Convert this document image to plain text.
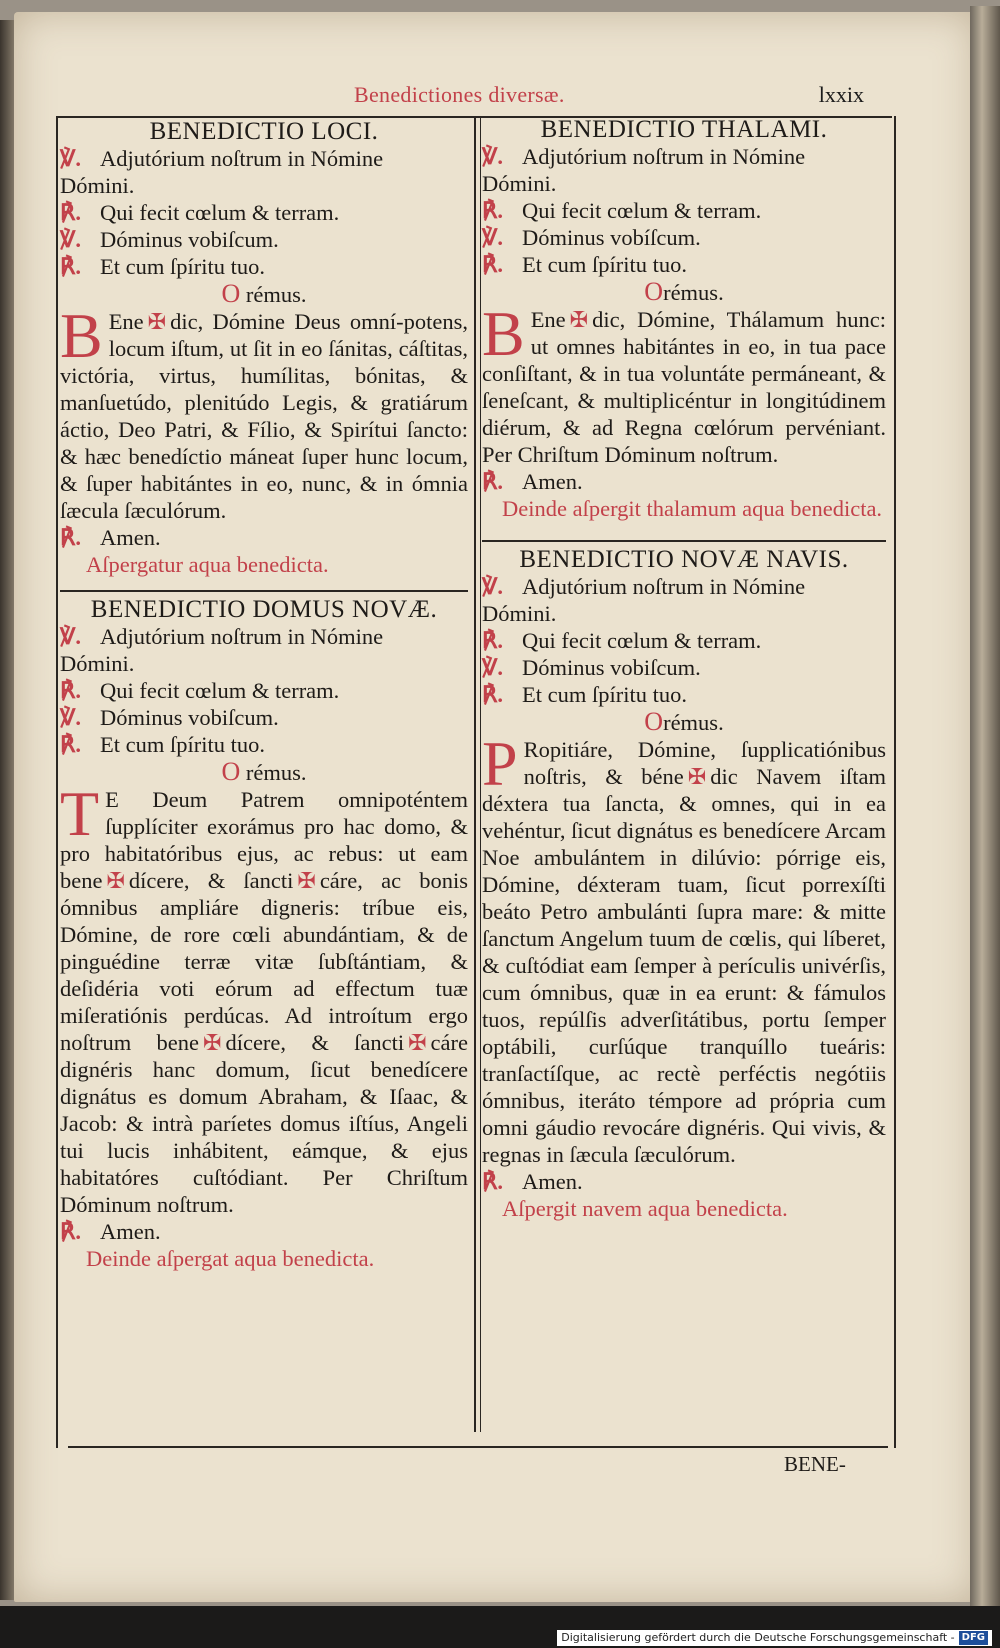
Benedictiones diversæ.	lxxix
BENEDICTIO LOCI.
℣. Adjutórium noſtrum in Nómine
Dómini.
℟. Qui fecit cœlum & terram.
℣. Dóminus vobiſcum.
℟. Et cum ſpíritu tuo.
O rémus.
B Ene ✠ dic, Dómine Deus omní-potens, locum iſtum, ut ſit in eo ſánitas, cáſtitas, victória, virtus, humílitas, bónitas, & manſuetúdo, plenitúdo Legis, & gratiárum áctio, Deo Patri, & Fílio, & Spirítui ſancto: & hæc benedíctio máneat ſuper hunc locum, & ſuper habitántes in eo, nunc, & in ómnia ſæcula ſæculórum.
℟. Amen.
Aſpergatur aqua benedicta.
BENEDICTIO DOMUS NOVÆ.
℣. Adjutórium noſtrum in Nómine
Dómini.
℟. Qui fecit cœlum & terram.
℣. Dóminus vobiſcum.
℟. Et cum ſpíritu tuo.
O rémus.
T E Deum Patrem omnipoténtem ſupplíciter exorámus pro hac domo, & pro habitatóribus ejus, ac rebus: ut eam bene ✠ dícere, & ſancti ✠ cáre, ac bonis ómnibus ampliáre digneris: tríbue eis, Dómine, de rore cœli abundántiam, & de pinguédine terræ vitæ ſubſtántiam, & deſidéria voti eórum ad effectum tuæ miſeratiónis perdúcas. Ad introítum ergo noſtrum bene ✠ dícere, & ſancti ✠ cáre dignéris hanc domum, ſicut benedícere dignátus es domum Abraham, & Iſaac, & Jacob: & intrà paríetes domus iſtíus, Angeli tui lucis inhábitent, eámque, & ejus habitatóres cuſtódiant. Per Chriſtum Dóminum noſtrum.
℟. Amen.
Deinde aſpergat aqua benedicta.
BENEDICTIO THALAMI.
℣. Adjutórium noſtrum in Nómine
Dómini.
℟. Qui fecit cœlum & terram.
℣. Dóminus vobíſcum.
℟. Et cum ſpíritu tuo.
Orémus.
B Ene ✠ dic, Dómine, Thálamum hunc: ut omnes habitántes in eo, in tua pace conſiſtant, & in tua voluntáte permáneant, & ſeneſcant, & multiplicéntur in longitúdinem diérum, & ad Regna cœlórum pervéniant. Per Chriſtum Dóminum noſtrum.
℟. Amen.
Deinde aſpergit thalamum aqua benedicta.
BENEDICTIO NOVÆ NAVIS.
℣. Adjutórium noſtrum in Nómine
Dómini.
℟. Qui fecit cœlum & terram.
℣. Dóminus vobiſcum.
℟. Et cum ſpíritu tuo.
Orémus.
P Ropitiáre, Dómine, ſupplicatiónibus noſtris, & béne ✠ dic Navem iſtam déxtera tua ſancta, & omnes, qui in ea vehéntur, ſicut dignátus es benedícere Arcam Noe ambulántem in dilúvio: pórrige eis, Dómine, déxteram tuam, ſicut porrexíſti beáto Petro ambulánti ſupra mare: & mitte ſanctum Angelum tuum de cœlis, qui líberet, & cuſtódiat eam ſemper à perículis univérſis, cum ómnibus, quæ in ea erunt: & fámulos tuos, repúlſis adverſitátibus, portu ſemper optábili, curſúque tranquíllo tueáris: tranſactíſque, ac rectè perféctis negótiis ómnibus, iteráto témpore ad própria cum omni gáudio revocáre dignéris. Qui vivis, & regnas in ſæcula ſæculórum.
℟. Amen.
Aſpergit navem aqua benedicta.
BENE-
Digitalisierung gefördert durch die Deutsche Forschungsgemeinschaft - DFG
